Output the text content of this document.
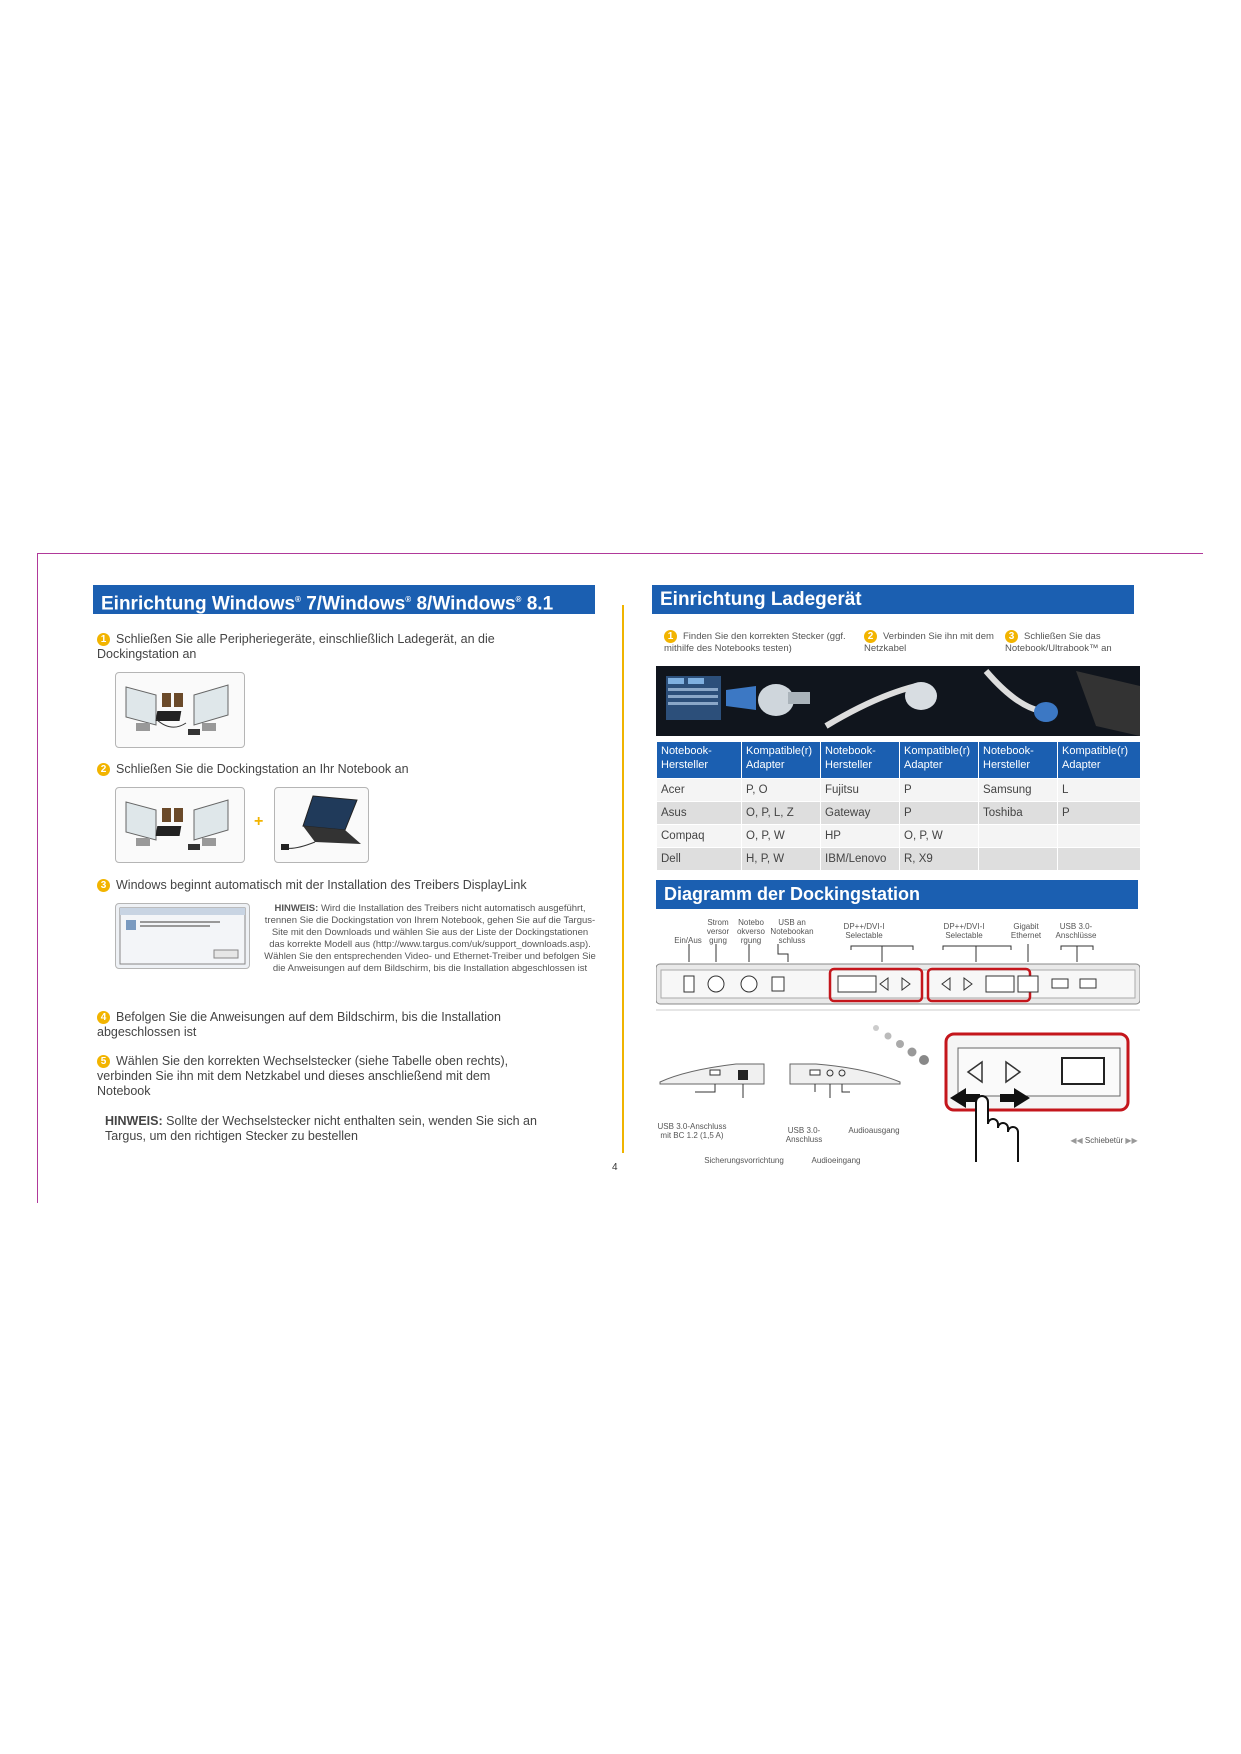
Einrichtung Windows® 7/Windows® 8/Windows® 8.1
1 Schließen Sie alle Peripheriegeräte, einschließlich Ladegerät, an die Dockingstation an
2 Schließen Sie die Dockingstation an Ihr Notebook an
+
3 Windows beginnt automatisch mit der Installation des Treibers DisplayLink
HINWEIS: Wird die Installation des Treibers nicht automatisch ausgeführt, trennen Sie die Dockingstation von Ihrem Notebook, gehen Sie auf die Targus-Site mit den Downloads und wählen Sie aus der Liste der Dockingstationen das korrekte Modell aus (http://www.targus.com/uk/support_downloads.asp). Wählen Sie den entsprechenden Video- und Ethernet-Treiber und befolgen Sie die Anweisungen auf dem Bildschirm, bis die Installation abgeschlossen ist
4 Befolgen Sie die Anweisungen auf dem Bildschirm, bis die Installation abgeschlossen ist
5 Wählen Sie den korrekten Wechselstecker (siehe Tabelle oben rechts), verbinden Sie ihn mit dem Netzkabel und dieses anschließend mit dem Notebook
HINWEIS: Sollte der Wechselstecker nicht enthalten sein, wenden Sie sich an Targus, um den richtigen Stecker zu bestellen
Einrichtung Ladegerät
1 Finden Sie den korrekten Stecker (ggf. mithilfe des Notebooks testen)
2 Verbinden Sie ihn mit dem Netzkabel
3 Schließen Sie das Notebook/Ultrabook™ an
Notebook-Hersteller	Kompatible(r) Adapter	Notebook-Hersteller	Kompatible(r) Adapter	Notebook-Hersteller	Kompatible(r) Adapter
Acer	P, O	Fujitsu	P	Samsung	L
Asus	O, P, L, Z	Gateway	P	Toshiba	P
Compaq	O, P, W	HP	O, P, W		
Dell	H, P, W	IBM/Lenovo	R, X9		
Diagramm der Dockingstation
Ein/Aus
Strom versor gung
Notebo okverso rgung
USB an Notebookan schluss
DP++/DVI-I Selectable
DP++/DVI-I Selectable
Gigabit Ethernet
USB 3.0-Anschlüsse
USB 3.0-Anschluss mit BC 1.2 (1,5 A)
Sicherungsvorrichtung
USB 3.0-Anschluss
Audioeingang
Audioausgang
◀◀ Schiebetür ▶▶
4
